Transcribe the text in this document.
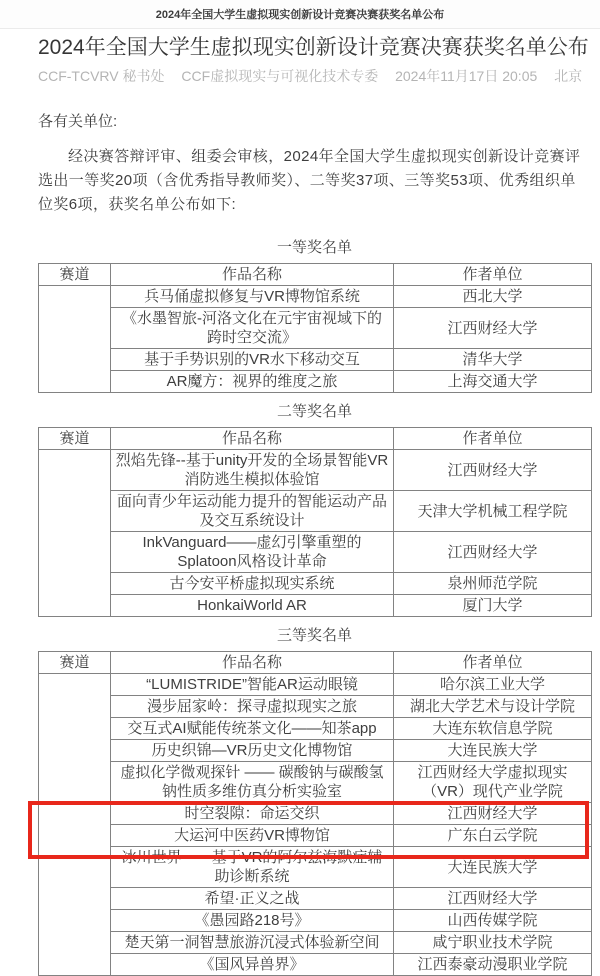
2024年全国大学生虚拟现实创新设计竞赛决赛获奖名单公布
2024年全国大学生虚拟现实创新设计竞赛决赛获奖名单公布
CCF-TCVRV 秘书处 CCF虚拟现实与可视化技术专委 2024年11月17日 20:05 北京

各有关单位:

经决赛答辩评审、组委会审核，2024年全国大学生虚拟现实创新设计竞赛评选出一等奖20项（含优秀指导教师奖）、二等奖37项、三等奖53项、优秀组织单位奖6项，获奖名单公布如下:

一等奖名单
赛道	作品名称	作者单位
	兵马俑虚拟修复与VR博物馆系统	西北大学
	《水墨智旅-河洛文化在元宇宙视域下的跨时空交流》	江西财经大学
	基于手势识别的VR水下移动交互	清华大学
	AR魔方：视界的维度之旅	上海交通大学
二等奖名单
赛道	作品名称	作者单位
	烈焰先锋--基于unity开发的全场景智能VR消防逃生模拟体验馆	江西财经大学
	面向青少年运动能力提升的智能运动产品及交互系统设计	天津大学机械工程学院
	InkVanguard——虚幻引擎重塑的Splatoon风格设计革命	江西财经大学
	古今安平桥虚拟现实系统	泉州师范学院
	HonkaiWorld AR	厦门大学
三等奖名单
赛道	作品名称	作者单位
	“LUMISTRIDE”智能AR运动眼镜	哈尔滨工业大学
	漫步屈家岭：探寻虚拟现实之旅	湖北大学艺术与设计学院
	交互式AI赋能传统茶文化——知茶app	大连东软信息学院
	历史织锦—VR历史文化博物馆	大连民族大学
	虚拟化学微观探针 —— 碳酸钠与碳酸氢钠性质多维仿真分析实验室	江西财经大学虚拟现实（VR）现代产业学院
	时空裂隙：命运交织	江西财经大学
	大运河中医药VR博物馆	广东白云学院
	冰川世界——基于VR的阿尔兹海默症辅助诊断系统	大连民族大学
	希望·正义之战	江西财经大学
	《愚园路218号》	山西传媒学院
	楚天第一洞智慧旅游沉浸式体验新空间	咸宁职业技术学院
	《国风异兽界》	江西泰豪动漫职业学院
